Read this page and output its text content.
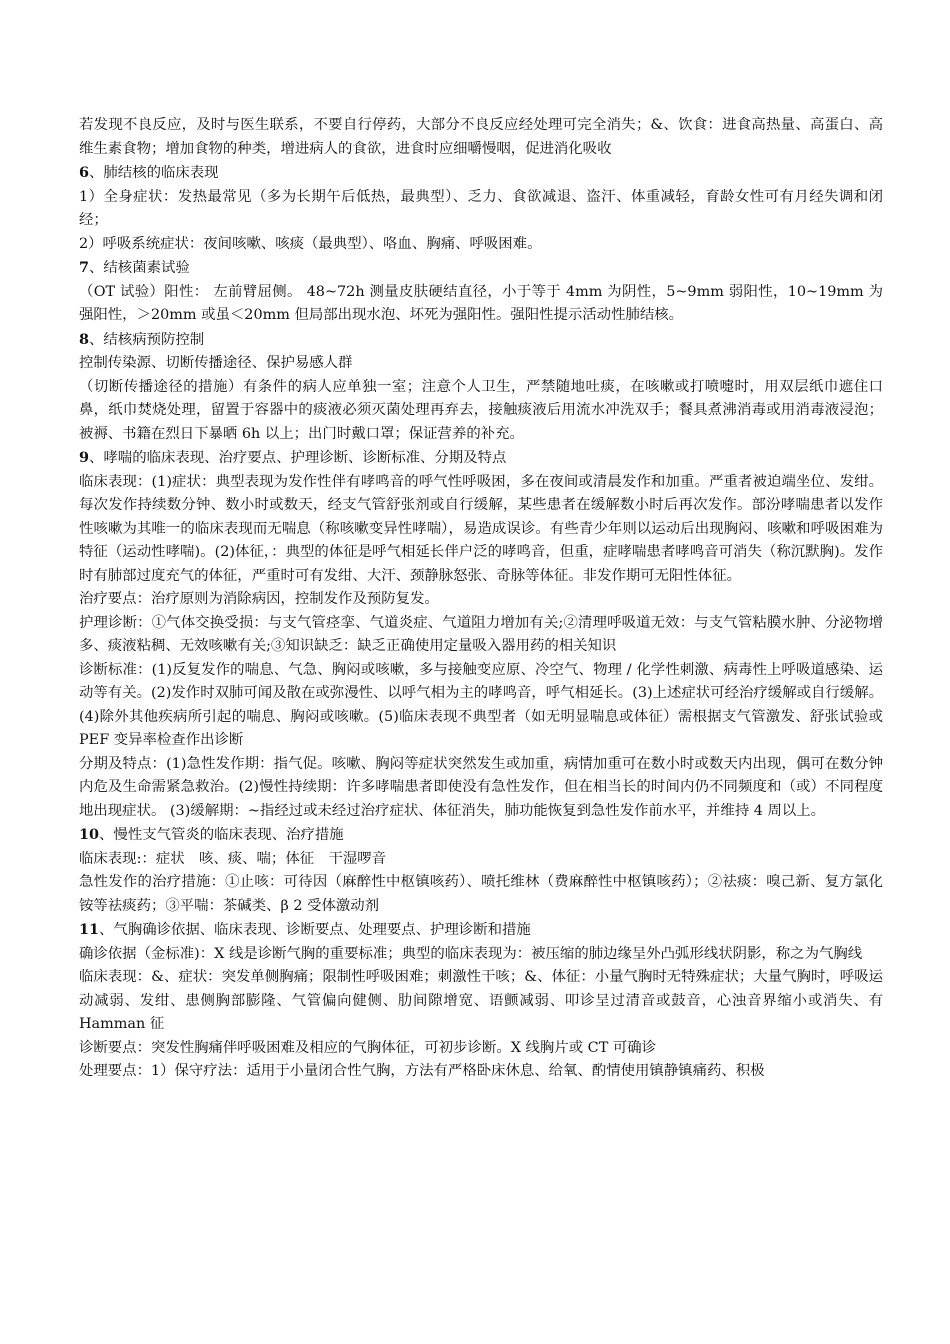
若发现不良反应，及时与医生联系，不要自行停药，大部分不良反应经处理可完全消失；&、饮食：进食高热量、高蛋白、高维生素食物；增加食物的种类，增进病人的食欲，进食时应细嚼慢咽，促进消化吸收

6、肺结核的临床表现

1）全身症状：发热最常见（多为长期午后低热，最典型）、乏力、食欲减退、盗汗、体重减轻，育龄女性可有月经失调和闭经；

2）呼吸系统症状：夜间咳嗽、咳痰（最典型）、咯血、胸痛、呼吸困难。

7、结核菌素试验

（OT 试验）阳性： 左前臂屈侧。 48~72h 测量皮肤硬结直径，小于等于 4mm 为阴性，5~9mm 弱阳性，10~19mm 为强阳性，＞20mm 或虽＜20mm 但局部出现水泡、坏死为强阳性。强阳性提示活动性肺结核。

8、结核病预防控制

控制传染源、切断传播途径、保护易感人群

（切断传播途径的措施）有条件的病人应单独一室；注意个人卫生，严禁随地吐痰，在咳嗽或打喷嚏时，用双层纸巾遮住口鼻，纸巾焚烧处理，留置于容器中的痰液必须灭菌处理再弃去，接触痰液后用流水冲洗双手；餐具煮沸消毒或用消毒液浸泡；被褥、书籍在烈日下暴晒 6h 以上；出门时戴口罩；保证营养的补充。

9、哮喘的临床表现、治疗要点、护理诊断、诊断标准、分期及特点

临床表现：(1)症状：典型表现为发作性伴有哮鸣音的呼气性呼吸困，多在夜间或清晨发作和加重。严重者被迫端坐位、发绀。每次发作持续数分钟、数小时或数天，经支气管舒张剂或自行缓解，某些患者在缓解数小时后再次发作。部汾哮喘患者以发作性咳嗽为其唯一的临床表现而无喘息（称咳嗽变异性哮喘），易造成误诊。有些青少年则以运动后出现胸闷、咳嗽和呼吸困难为特征（运动性哮喘)。(2)体征，：典型的体征是呼气相延长伴户泛的哮鸣音，但重，症哮喘患者哮鸣音可消失（称沉默胸)。发作时有肺部过度充气的体征，严重时可有发绀、大汗、颈静脉怒张、奇脉等体征。非发作期可无阳性体征。

治疗要点：治疗原则为消除病因，控制发作及预防复发。

护理诊断：①气体交换受损：与支气管痉挛、气道炎症、气道阻力增加有关;②清理呼吸道无效：与支气管粘膜水肿、分泌物增多、痰液粘稠、无效咳嗽有关;③知识缺乏：缺乏正确使用定量吸入器用药的相关知识

诊断标准：(1)反复发作的喘息、气急、胸闷或咳嗽，多与接触变应原、冷空气、物理 / 化学性刺激、病毒性上呼吸道感染、运动等有关。(2)发作时双肺可闻及散在或弥漫性、以呼气相为主的哮鸣音，呼气相延长。(3)上述症状可经治疗缓解或自行缓解。(4)除外其他疾病所引起的喘息、胸闷或咳嗽。(5)临床表现不典型者（如无明显喘息或体征）需根据支气管激发、舒张试验或 PEF 变异率检查作出诊断

分期及特点：(1)急性发作期：指气促。咳嗽、胸闷等症状突然发生或加重，病情加重可在数小时或数天内出现，偶可在数分钟内危及生命需紧急救治。(2)慢性持续期：许多哮喘患者即使没有急性发作，但在相当长的时间内仍不同频度和（或）不同程度地出现症状。 (3)缓解期：~指经过或未经过治疗症状、体征消失，肺功能恢复到急性发作前水平，并维持 4 周以上。

10、慢性支气管炎的临床表现、治疗措施

临床表现:：症状　咳、痰、喘；体征　干湿啰音

急性发作的治疗措施：①止咳：可待因（麻醉性中枢镇咳药）、喷托维林（费麻醉性中枢镇咳药）；②祛痰：嗅己新、复方氯化铵等祛痰药；③平喘：茶碱类、β 2 受体激动剂

11、气胸确诊依据、临床表现、诊断要点、处理要点、护理诊断和措施

确诊依据（金标准)：X 线是诊断气胸的重要标准；典型的临床表现为：被压缩的肺边缘呈外凸弧形线状阴影，称之为气胸线

临床表现：&、症状：突发单侧胸痛；限制性呼吸困难；刺激性干咳；&、体征：小量气胸时无特殊症状；大量气胸时，呼吸运动减弱、发绀、患侧胸部膨隆、气管偏向健侧、肋间隙增宽、语颤减弱、叩诊呈过清音或鼓音，心浊音界缩小或消失、有 Hamman 征

诊断要点：突发性胸痛伴呼吸困难及相应的气胸体征，可初步诊断。X 线胸片或 CT 可确诊

处理要点：1）保守疗法：适用于小量闭合性气胸，方法有严格卧床休息、给氧、酌情使用镇静镇痛药、积极
